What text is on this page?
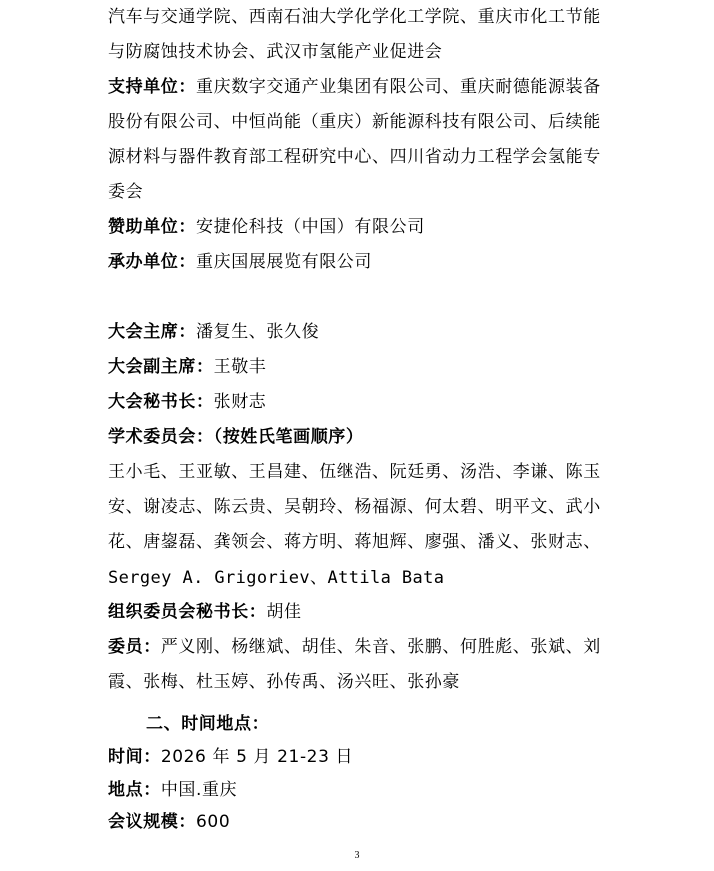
汽车与交通学院、西南石油大学化学化工学院、重庆市化工节能
与防腐蚀技术协会、武汉市氢能产业促进会
支持单位：重庆数字交通产业集团有限公司、重庆耐德能源装备
股份有限公司、中恒尚能（重庆）新能源科技有限公司、后续能
源材料与器件教育部工程研究中心、四川省动力工程学会氢能专
委会
赞助单位：安捷伦科技（中国）有限公司
承办单位：重庆国展展览有限公司
大会主席：潘复生、张久俊
大会副主席：王敬丰
大会秘书长：张财志
学术委员会：（按姓氏笔画顺序）
王小毛、王亚敏、王昌建、伍继浩、阮廷勇、汤浩、李谦、陈玉
安、谢凌志、陈云贵、吴朝玲、杨福源、何太碧、明平文、武小
花、唐鋆磊、龚领会、蒋方明、蒋旭辉、廖强、潘义、张财志、
Sergey A. Grigoriev、Attila Bata
组织委员会秘书长：胡佳
委员：严义刚、杨继斌、胡佳、朱音、张鹏、何胜彪、张斌、刘
霞、张梅、杜玉婷、孙传禹、汤兴旺、张孙豪
二、时间地点：
时间：2026 年 5 月 21-23 日
地点：中国.重庆
会议规模：600
3
